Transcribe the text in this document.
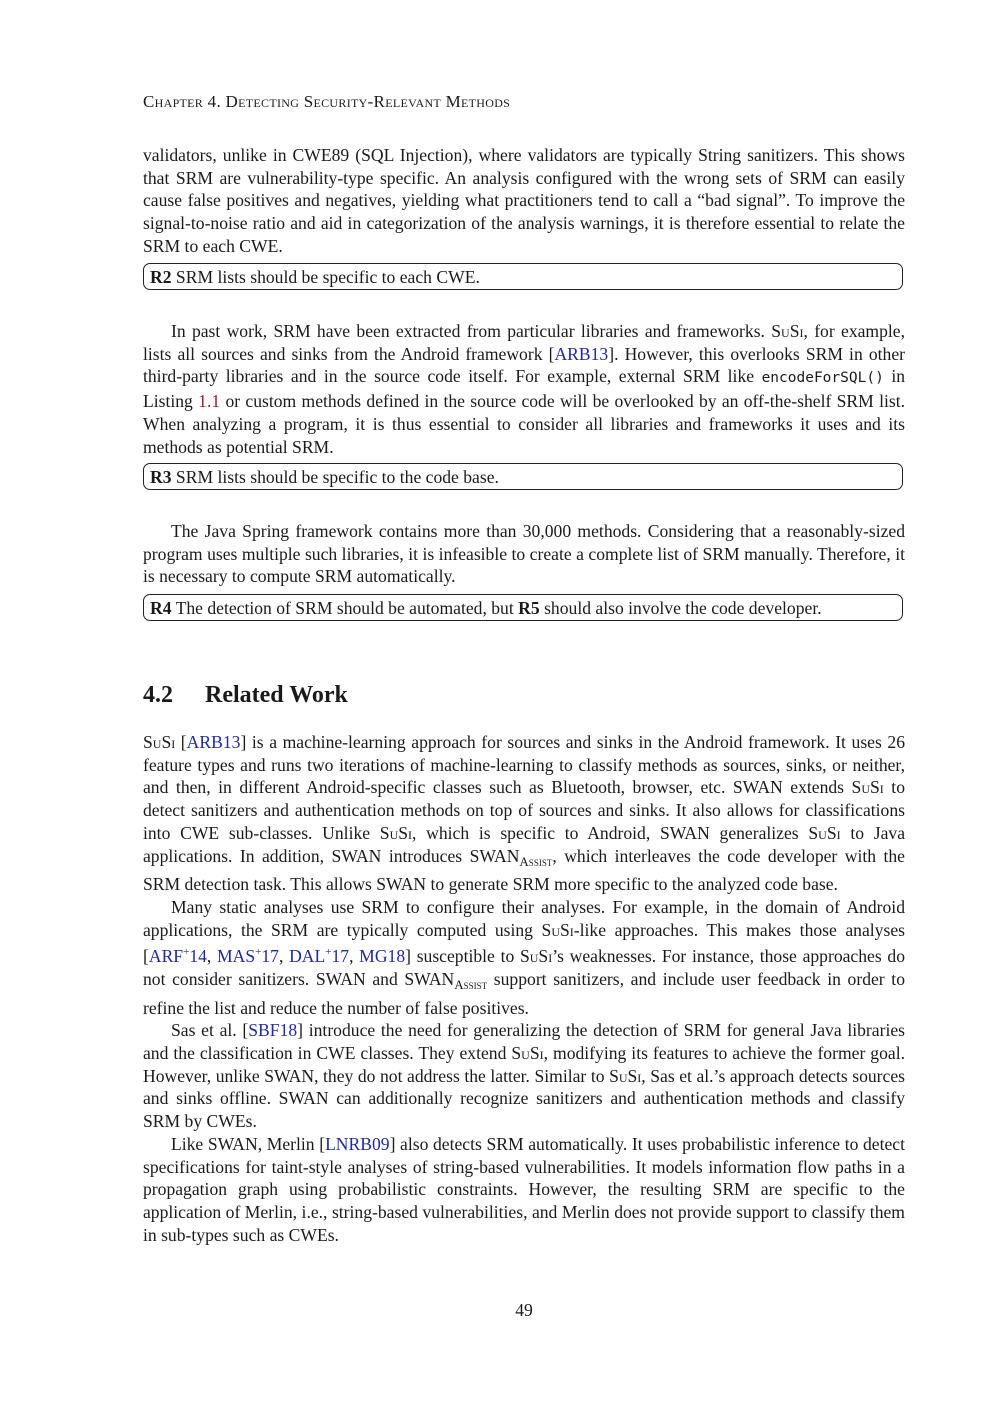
Chapter 4. Detecting Security-Relevant Methods

validators, unlike in CWE89 (SQL Injection), where validators are typically String sanitizers. This shows that SRM are vulnerability-type specific. An analysis configured with the wrong sets of SRM can easily cause false positives and negatives, yielding what practitioners tend to call a “bad signal”. To improve the signal-to-noise ratio and aid in categorization of the analysis warnings, it is therefore essential to relate the SRM to each CWE.

R2 SRM lists should be specific to each CWE.

In past work, SRM have been extracted from particular libraries and frameworks. SuSi, for example, lists all sources and sinks from the Android framework [ARB13]. However, this overlooks SRM in other third-party libraries and in the source code itself. For example, external SRM like encodeForSQL() in Listing 1.1 or custom methods defined in the source code will be overlooked by an off-the-shelf SRM list. When analyzing a program, it is thus essential to consider all libraries and frameworks it uses and its methods as potential SRM.

R3 SRM lists should be specific to the code base.

The Java Spring framework contains more than 30,000 methods. Considering that a reasonably-sized program uses multiple such libraries, it is infeasible to create a complete list of SRM manually. Therefore, it is necessary to compute SRM automatically.

R4 The detection of SRM should be automated, but R5 should also involve the code developer.
4.2 Related Work

SuSi [ARB13] is a machine-learning approach for sources and sinks in the Android framework. It uses 26 feature types and runs two iterations of machine-learning to classify methods as sources, sinks, or neither, and then, in different Android-specific classes such as Bluetooth, browser, etc. SWAN extends SuSi to detect sanitizers and authentication methods on top of sources and sinks. It also allows for classifications into CWE sub-classes. Unlike SuSi, which is specific to Android, SWAN generalizes SuSi to Java applications. In addition, SWAN introduces $SWAN_{Assist}$, which interleaves the code developer with the SRM detection task. This allows SWAN to generate SRM more specific to the analyzed code base.

Many static analyses use SRM to configure their analyses. For example, in the domain of Android applications, the SRM are typically computed using SuSi-like approaches. This makes those analyses [ARF+14, MAS+17, DAL+17, MG18] susceptible to SuSi’s weaknesses. For instance, those approaches do not consider sanitizers. SWAN and $SWAN_{Assist}$ support sanitizers, and include user feedback in order to refine the list and reduce the number of false positives.

Sas et al. [SBF18] introduce the need for generalizing the detection of SRM for general Java libraries and the classification in CWE classes. They extend SuSi, modifying its features to achieve the former goal. However, unlike SWAN, they do not address the latter. Similar to SuSi, Sas et al.’s approach detects sources and sinks offline. SWAN can additionally recognize sanitizers and authentication methods and classify SRM by CWEs.

Like SWAN, Merlin [LNRB09] also detects SRM automatically. It uses probabilistic inference to detect specifications for taint-style analyses of string-based vulnerabilities. It models information flow paths in a propagation graph using probabilistic constraints. However, the resulting SRM are specific to the application of Merlin, i.e., string-based vulnerabilities, and Merlin does not provide support to classify them in sub-types such as CWEs.

49
